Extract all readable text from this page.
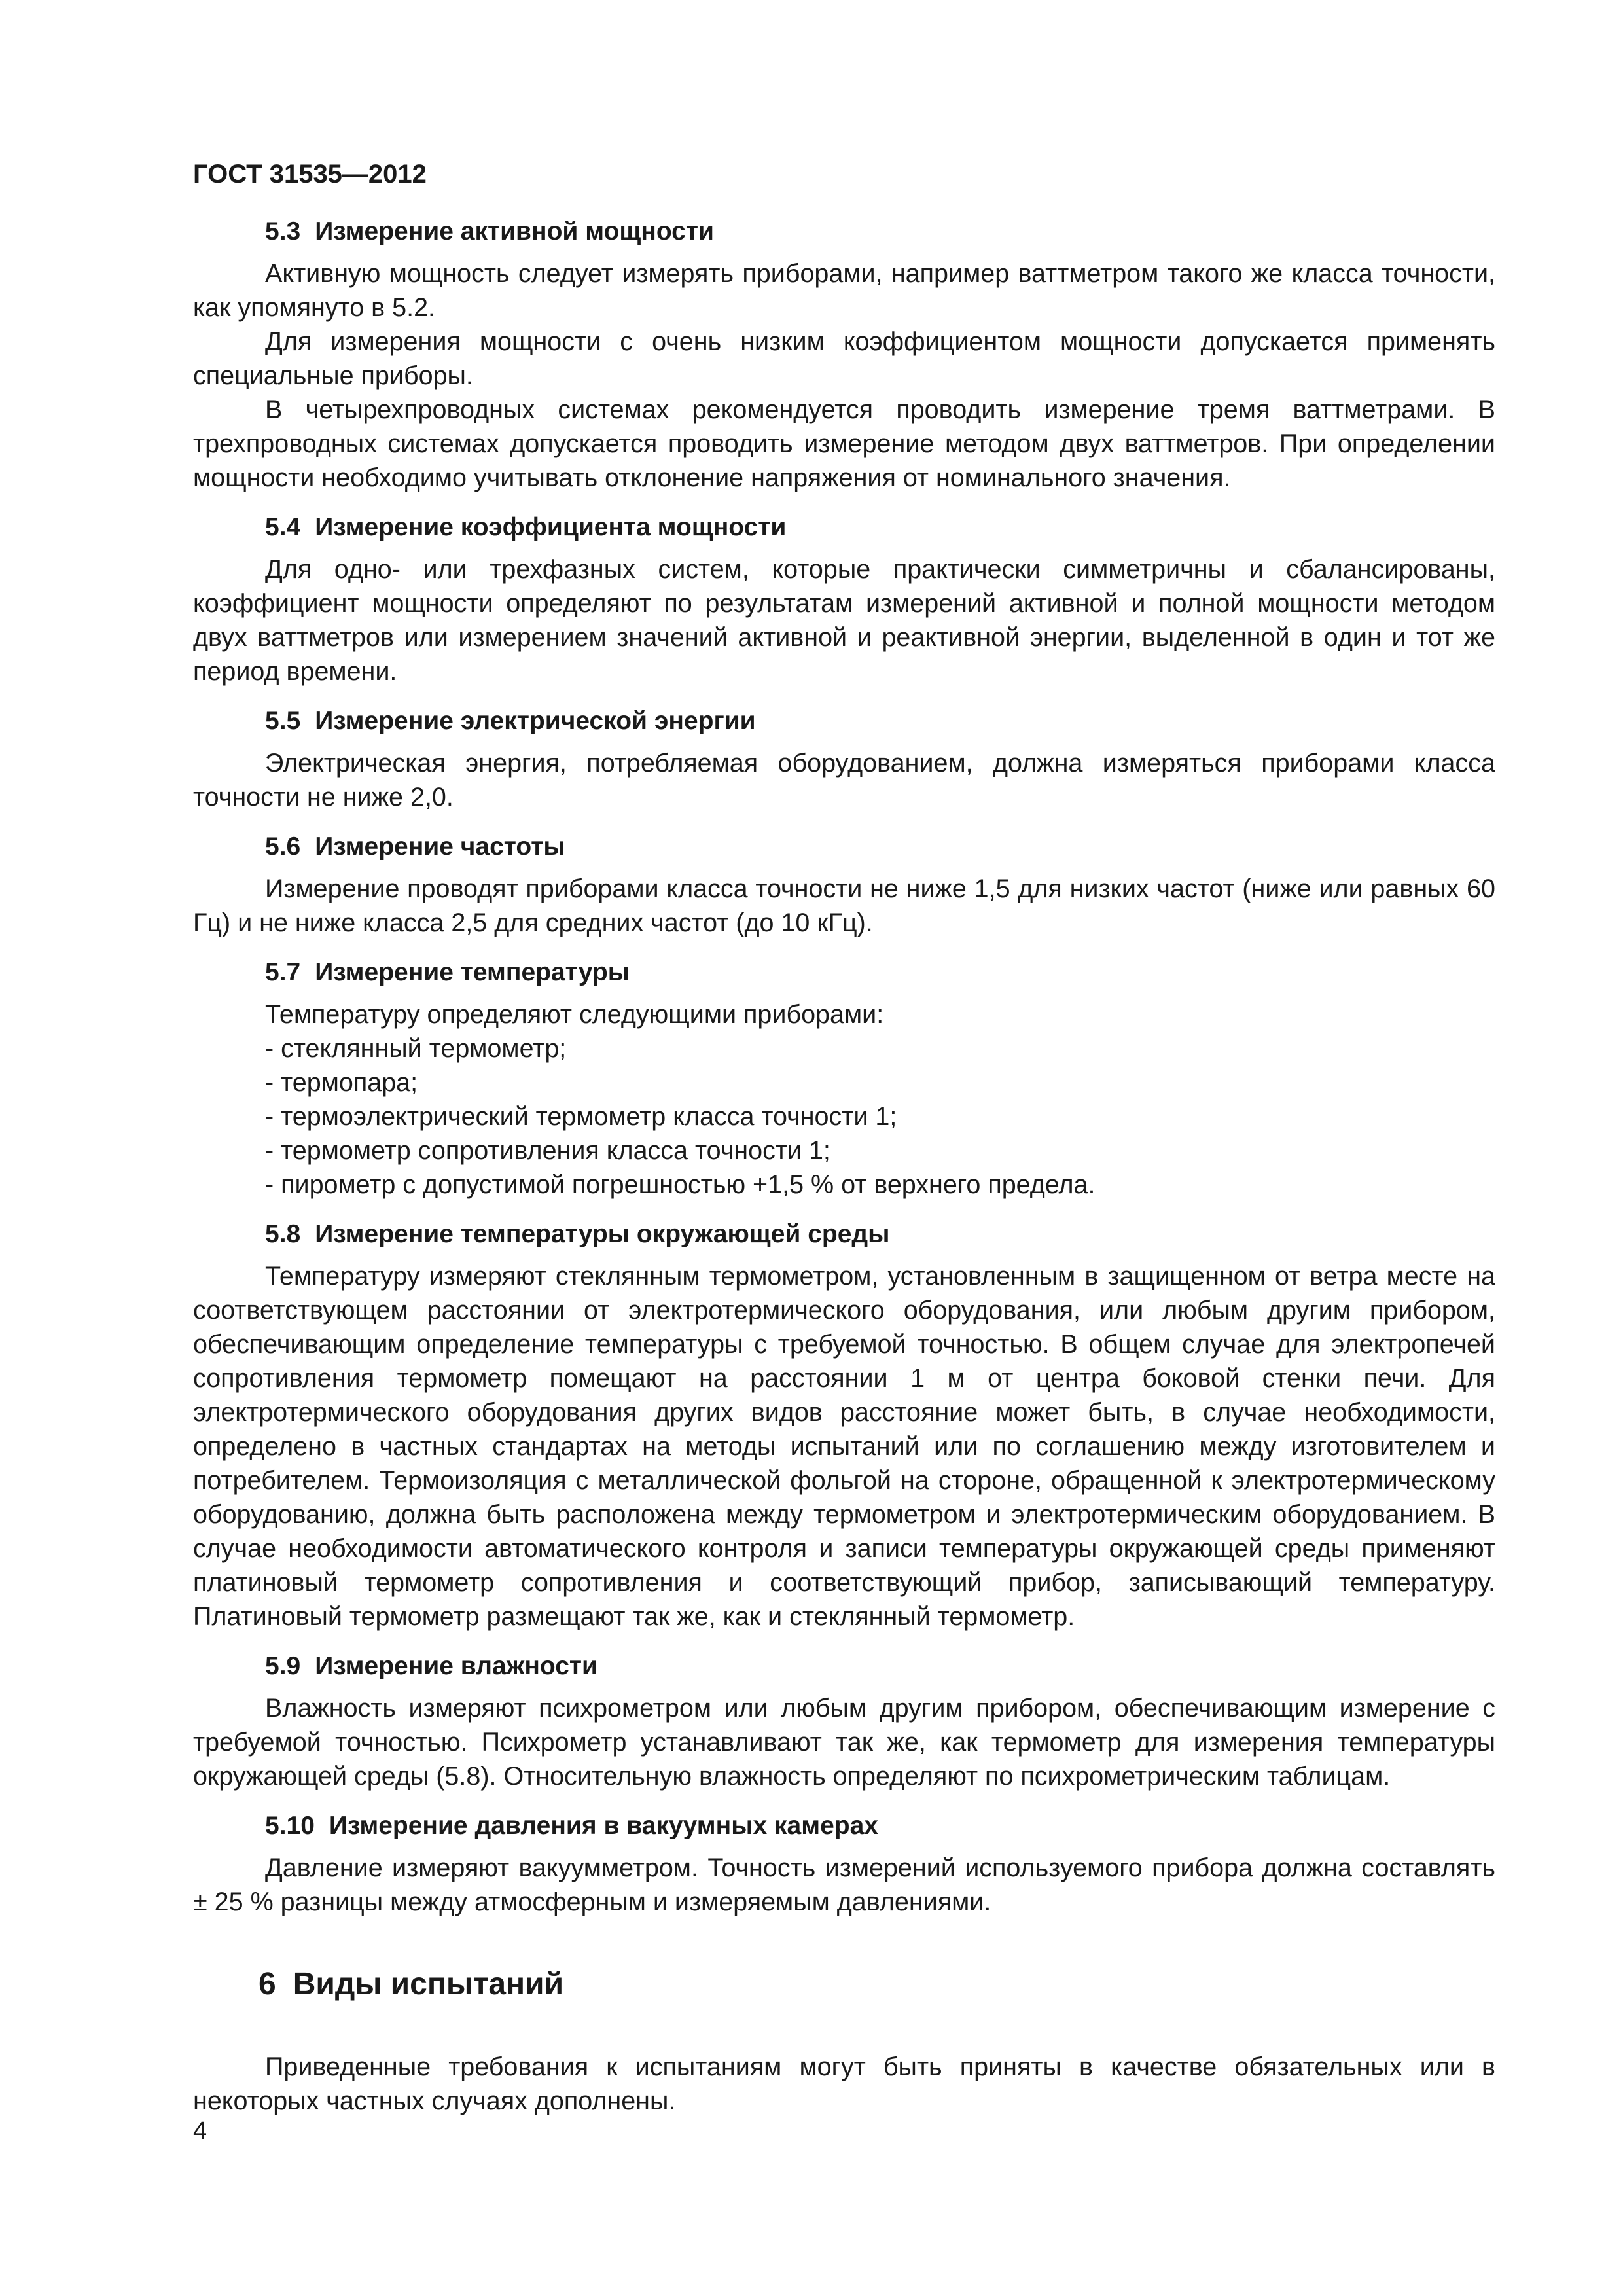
ГОСТ 31535—2012
5.3 Измерение активной мощности

Активную мощность следует измерять приборами, например ваттметром такого же класса точности, как упомянуто в 5.2.

Для измерения мощности с очень низким коэффициентом мощности допускается применять специальные приборы.

В четырехпроводных системах рекомендуется проводить измерение тремя ваттметрами. В трехпроводных системах допускается проводить измерение методом двух ваттметров. При определении мощности необходимо учитывать отклонение напряжения от номинального значения.

5.4 Измерение коэффициента мощности

Для одно- или трехфазных систем, которые практически симметричны и сбалансированы, коэффициент мощности определяют по результатам измерений активной и полной мощности методом двух ваттметров или измерением значений активной и реактивной энергии, выделенной в один и тот же период времени.

5.5 Измерение электрической энергии

Электрическая энергия, потребляемая оборудованием, должна измеряться приборами класса точности не ниже 2,0.

5.6 Измерение частоты

Измерение проводят приборами класса точности не ниже 1,5 для низких частот (ниже или равных 60 Гц) и не ниже класса 2,5 для средних частот (до 10 кГц).

5.7 Измерение температуры

Температуру определяют следующими приборами:

- стеклянный термометр;
- термопара;
- термоэлектрический термометр класса точности 1;
- термометр сопротивления класса точности 1;
- пирометр с допустимой погрешностью +1,5 % от верхнего предела.
5.8 Измерение температуры окружающей среды

Температуру измеряют стеклянным термометром, установленным в защищенном от ветра месте на соответствующем расстоянии от электротермического оборудования, или любым другим прибором, обеспечивающим определение температуры с требуемой точностью. В общем случае для электропечей сопротивления термометр помещают на расстоянии 1 м от центра боковой стенки печи. Для электротермического оборудования других видов расстояние может быть, в случае необходимости, определено в частных стандартах на методы испытаний или по соглашению между изготовителем и потребителем. Термоизоляция с металлической фольгой на стороне, обращенной к электротермическому оборудованию, должна быть расположена между термометром и электротермическим оборудованием. В случае необходимости автоматического контроля и записи температуры окружающей среды применяют платиновый термометр сопротивления и соответствующий прибор, записывающий температуру. Платиновый термометр размещают так же, как и стеклянный термометр.

5.9 Измерение влажности

Влажность измеряют психрометром или любым другим прибором, обеспечивающим измерение с требуемой точностью. Психрометр устанавливают так же, как термометр для измерения температуры окружающей среды (5.8). Относительную влажность определяют по психрометрическим таблицам.

5.10 Измерение давления в вакуумных камерах

Давление измеряют вакуумметром. Точность измерений используемого прибора должна составлять ± 25 % разницы между атмосферным и измеряемым давлениями.

6 Виды испытаний

Приведенные требования к испытаниям могут быть приняты в качестве обязательных или в некоторых частных случаях дополнены.

4
